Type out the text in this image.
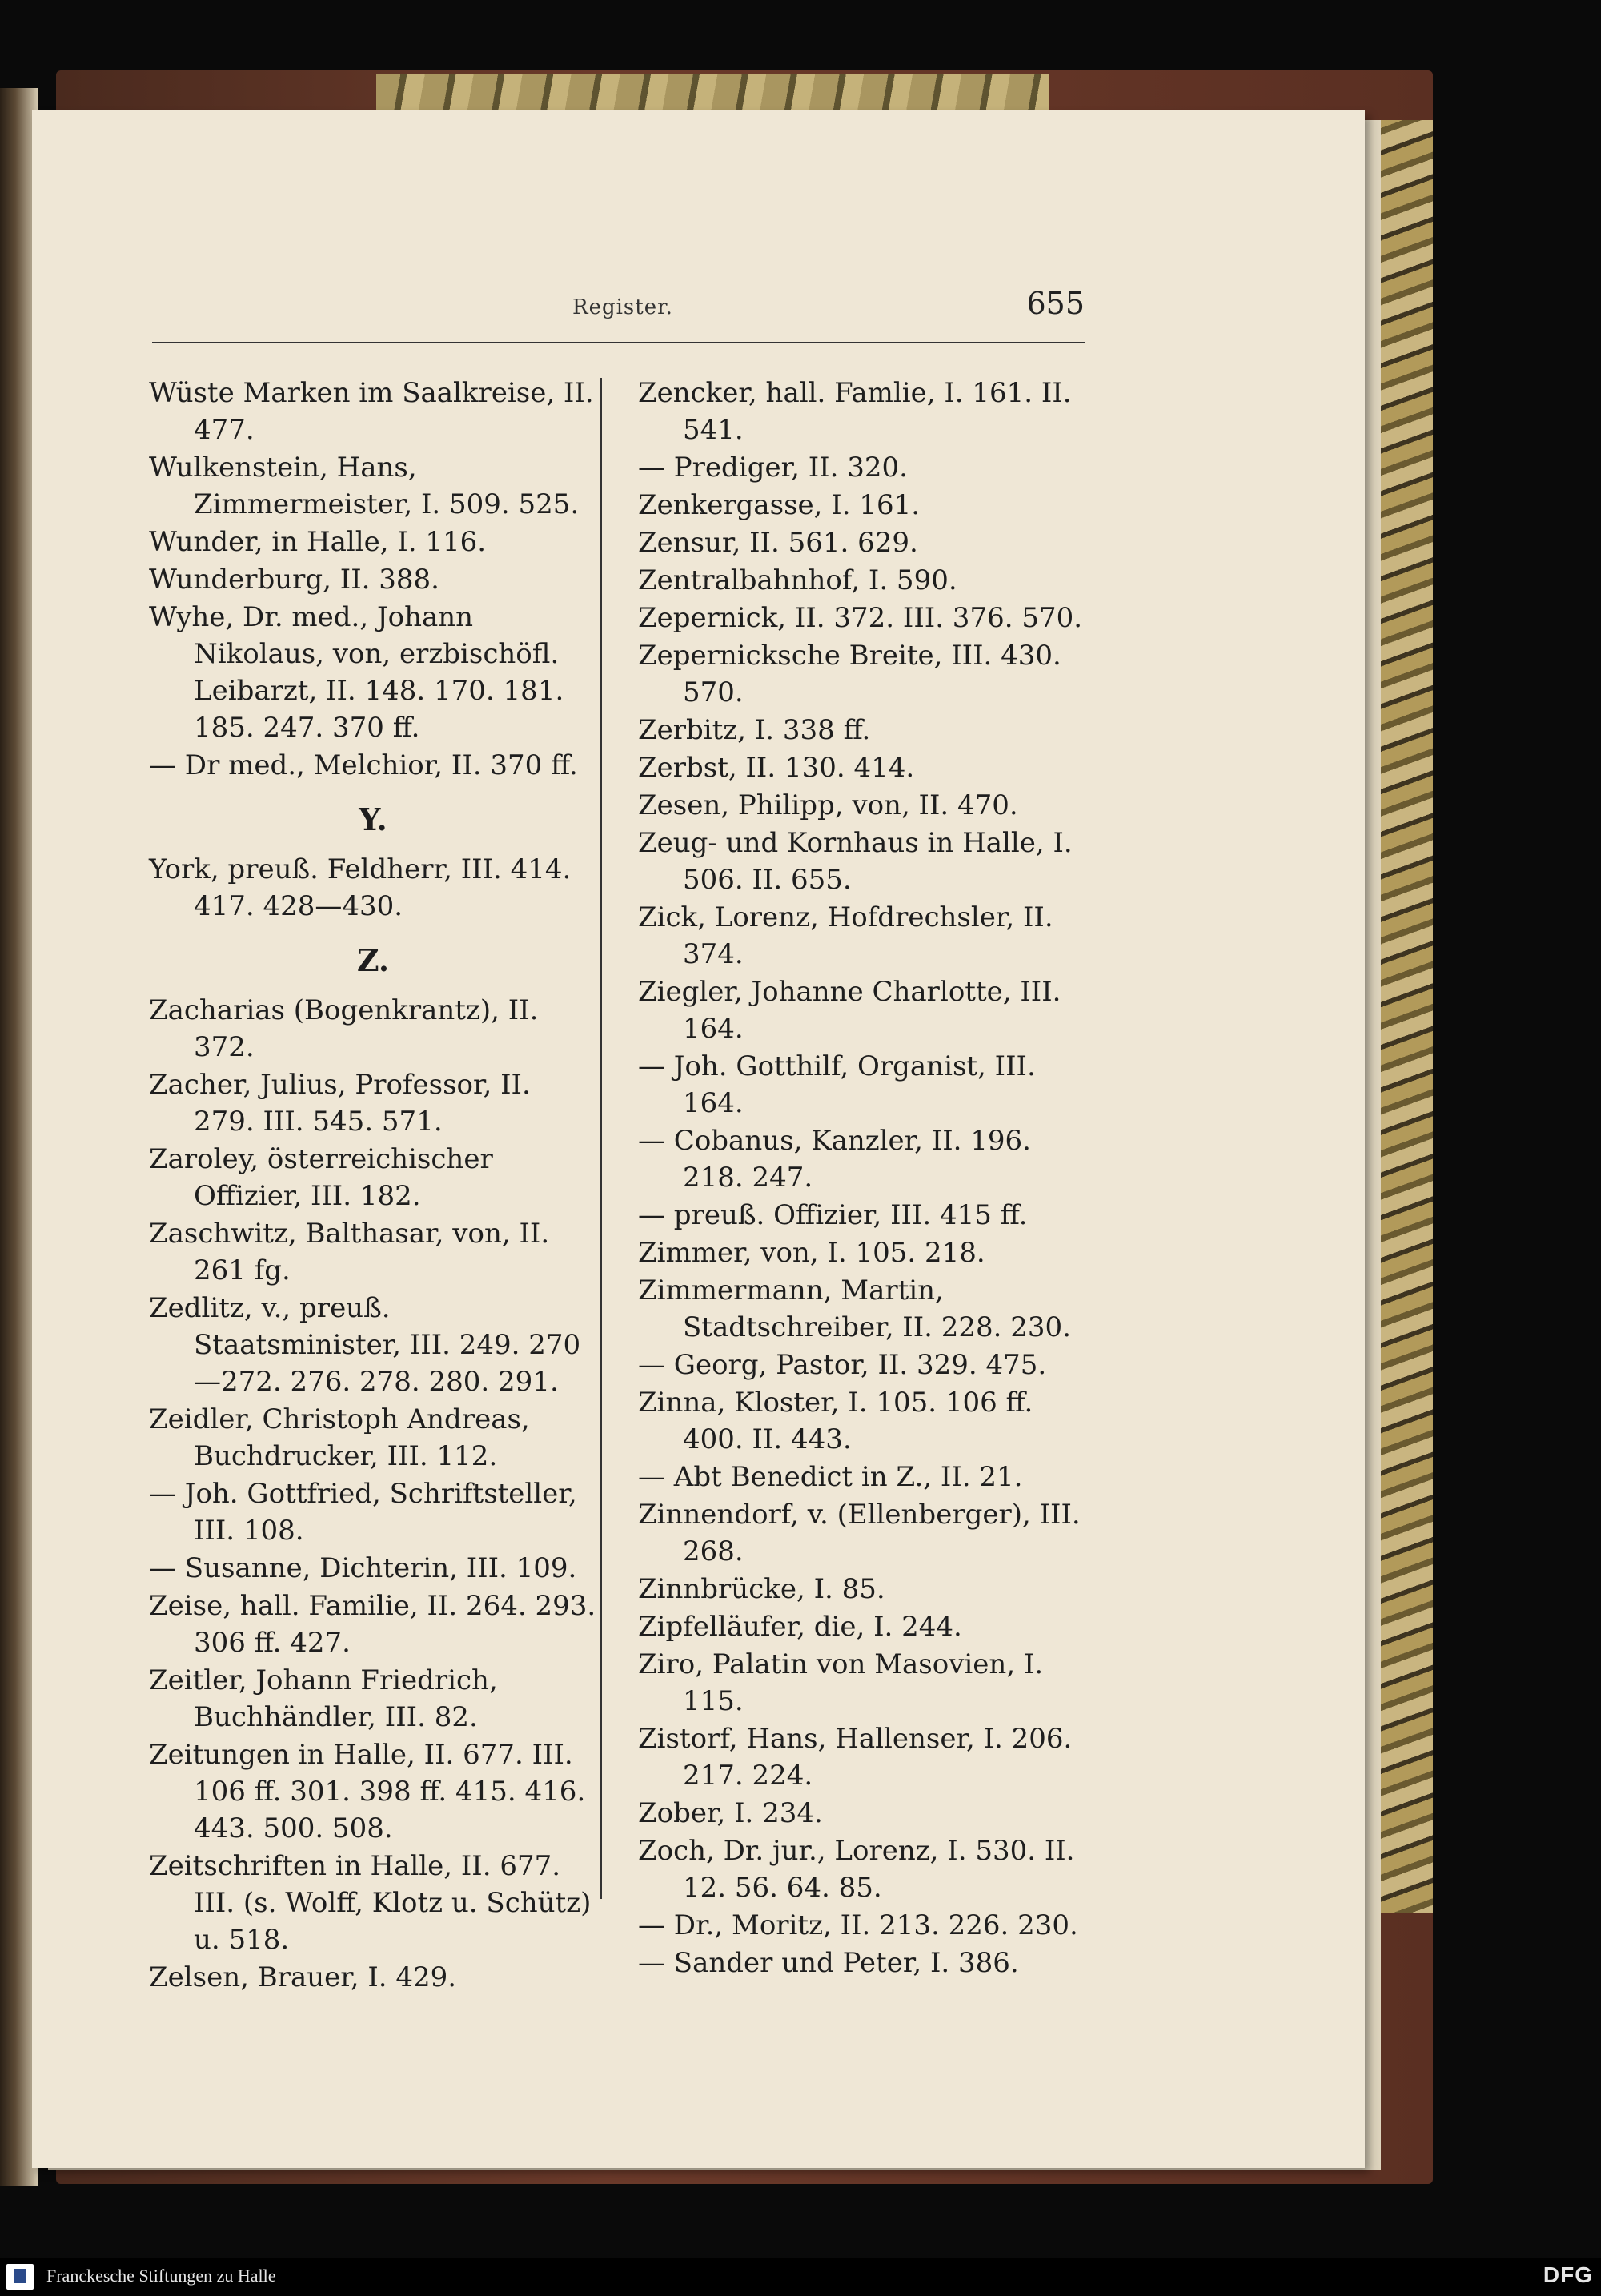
Register.	655
Wüste Marken im Saalkreise, II. 477.
Wulkenstein, Hans, Zimmermeister, I. 509. 525.
Wunder, in Halle, I. 116.
Wunderburg, II. 388.
Wyhe, Dr. med., Johann Nikolaus, von, erzbischöfl. Leibarzt, II. 148. 170. 181. 185. 247. 370 ff.
— Dr med., Melchior, II. 370 ff.
Y.
York, preuß. Feldherr, III. 414. 417. 428—430.
Z.
Zacharias (Bogenkrantz), II. 372.
Zacher, Julius, Professor, II. 279. III. 545. 571.
Zaroley, österreichischer Offizier, III. 182.
Zaschwitz, Balthasar, von, II. 261 fg.
Zedlitz, v., preuß. Staatsminister, III. 249. 270—272. 276. 278. 280. 291.
Zeidler, Christoph Andreas, Buchdrucker, III. 112.
— Joh. Gottfried, Schriftsteller, III. 108.
— Susanne, Dichterin, III. 109.
Zeise, hall. Familie, II. 264. 293. 306 ff. 427.
Zeitler, Johann Friedrich, Buchhändler, III. 82.
Zeitungen in Halle, II. 677. III. 106 ff. 301. 398 ff. 415. 416. 443. 500. 508.
Zeitschriften in Halle, II. 677. III. (s. Wolff, Klotz u. Schütz) u. 518.
Zelsen, Brauer, I. 429.
Zencker, hall. Famlie, I. 161. II. 541.
— Prediger, II. 320.
Zenkergasse, I. 161.
Zensur, II. 561. 629.
Zentralbahnhof, I. 590.
Zepernick, II. 372. III. 376. 570.
Zepernicksche Breite, III. 430. 570.
Zerbitz, I. 338 ff.
Zerbst, II. 130. 414.
Zesen, Philipp, von, II. 470.
Zeug- und Kornhaus in Halle, I. 506. II. 655.
Zick, Lorenz, Hofdrechsler, II. 374.
Ziegler, Johanne Charlotte, III. 164.
— Joh. Gotthilf, Organist, III. 164.
— Cobanus, Kanzler, II. 196. 218. 247.
— preuß. Offizier, III. 415 ff.
Zimmer, von, I. 105. 218.
Zimmermann, Martin, Stadtschreiber, II. 228. 230.
— Georg, Pastor, II. 329. 475.
Zinna, Kloster, I. 105. 106 ff. 400. II. 443.
— Abt Benedict in Z., II. 21.
Zinnendorf, v. (Ellenberger), III. 268.
Zinnbrücke, I. 85.
Zipfelläufer, die, I. 244.
Ziro, Palatin von Masovien, I. 115.
Zistorf, Hans, Hallenser, I. 206. 217. 224.
Zober, I. 234.
Zoch, Dr. jur., Lorenz, I. 530. II. 12. 56. 64. 85.
— Dr., Moritz, II. 213. 226. 230.
— Sander und Peter, I. 386.
Franckesche Stiftungen zu Halle	DFG
